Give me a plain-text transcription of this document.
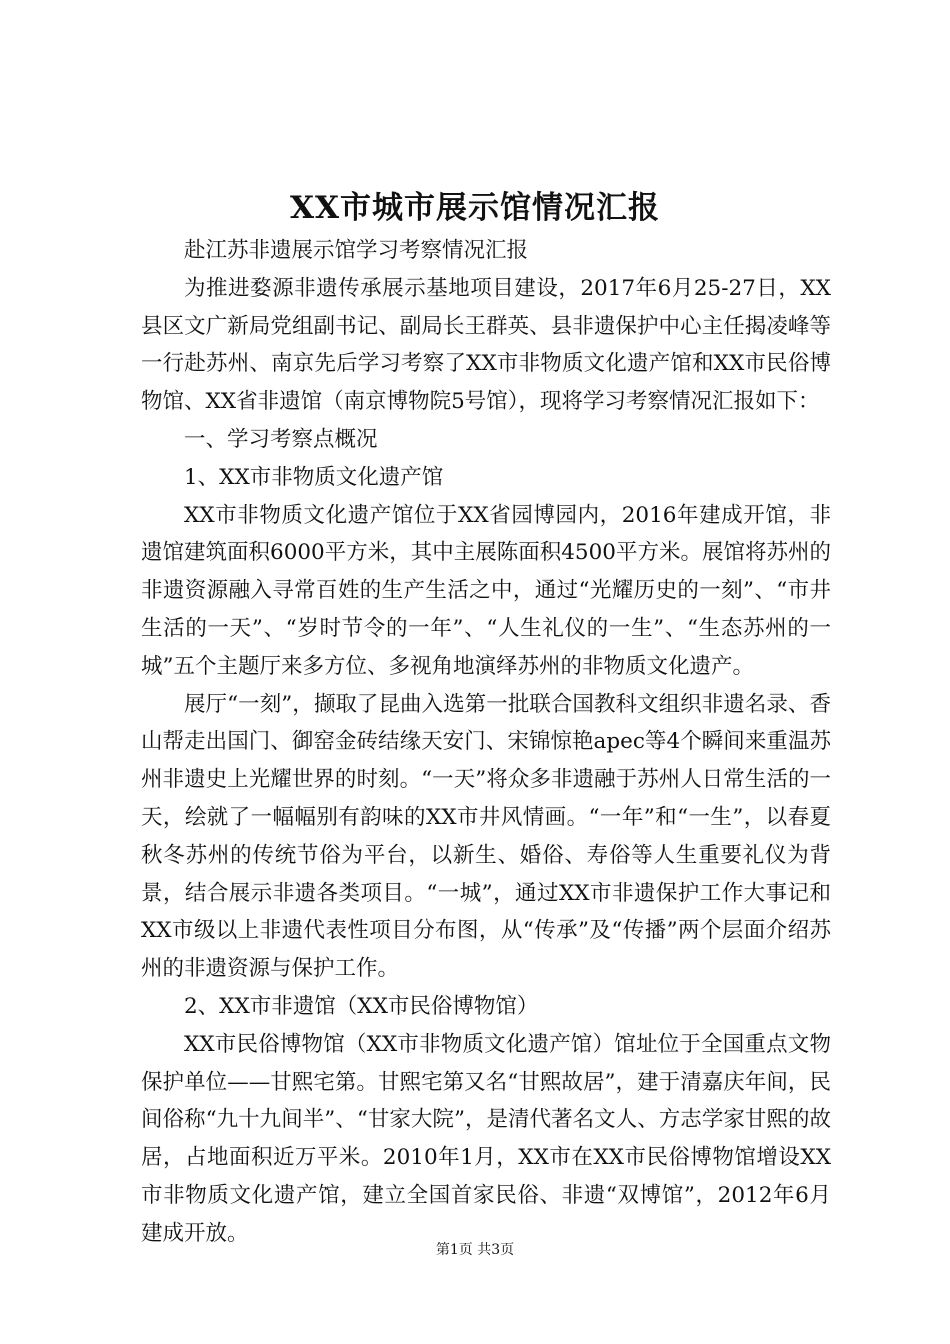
XX市城市展示馆情况汇报

赴江苏非遗展示馆学习考察情况汇报

为推进婺源非遗传承展示基地项目建设，2017年6月25-27日，XX县区文广新局党组副书记、副局长王群英、县非遗保护中心主任揭凌峰等一行赴苏州、南京先后学习考察了XX市非物质文化遗产馆和XX市民俗博物馆、XX省非遗馆（南京博物院5号馆），现将学习考察情况汇报如下：

一、学习考察点概况

1、XX市非物质文化遗产馆

XX市非物质文化遗产馆位于XX省园博园内，2016年建成开馆，非遗馆建筑面积6000平方米，其中主展陈面积4500平方米。展馆将苏州的非遗资源融入寻常百姓的生产生活之中，通过“光耀历史的一刻”、“市井生活的一天”、“岁时节令的一年”、“人生礼仪的一生”、“生态苏州的一城”五个主题厅来多方位、多视角地演绎苏州的非物质文化遗产。

展厅“一刻”，撷取了昆曲入选第一批联合国教科文组织非遗名录、香山帮走出国门、御窑金砖结缘天安门、宋锦惊艳apec等4个瞬间来重温苏州非遗史上光耀世界的时刻。“一天”将众多非遗融于苏州人日常生活的一天，绘就了一幅幅别有韵味的XX市井风情画。“一年”和“一生”，以春夏秋冬苏州的传统节俗为平台，以新生、婚俗、寿俗等人生重要礼仪为背景，结合展示非遗各类项目。“一城”，通过XX市非遗保护工作大事记和XX市级以上非遗代表性项目分布图，从“传承”及“传播”两个层面介绍苏州的非遗资源与保护工作。

2、XX市非遗馆（XX市民俗博物馆）

XX市民俗博物馆（XX市非物质文化遗产馆）馆址位于全国重点文物保护单位——甘熙宅第。甘熙宅第又名“甘熙故居”，建于清嘉庆年间，民间俗称“九十九间半”、“甘家大院”，是清代著名文人、方志学家甘熙的故居，占地面积近万平米。2010年1月，XX市在XX市民俗博物馆增设XX市非物质文化遗产馆，建立全国首家民俗、非遗“双博馆”，2012年6月建成开放。

第1页 共3页
